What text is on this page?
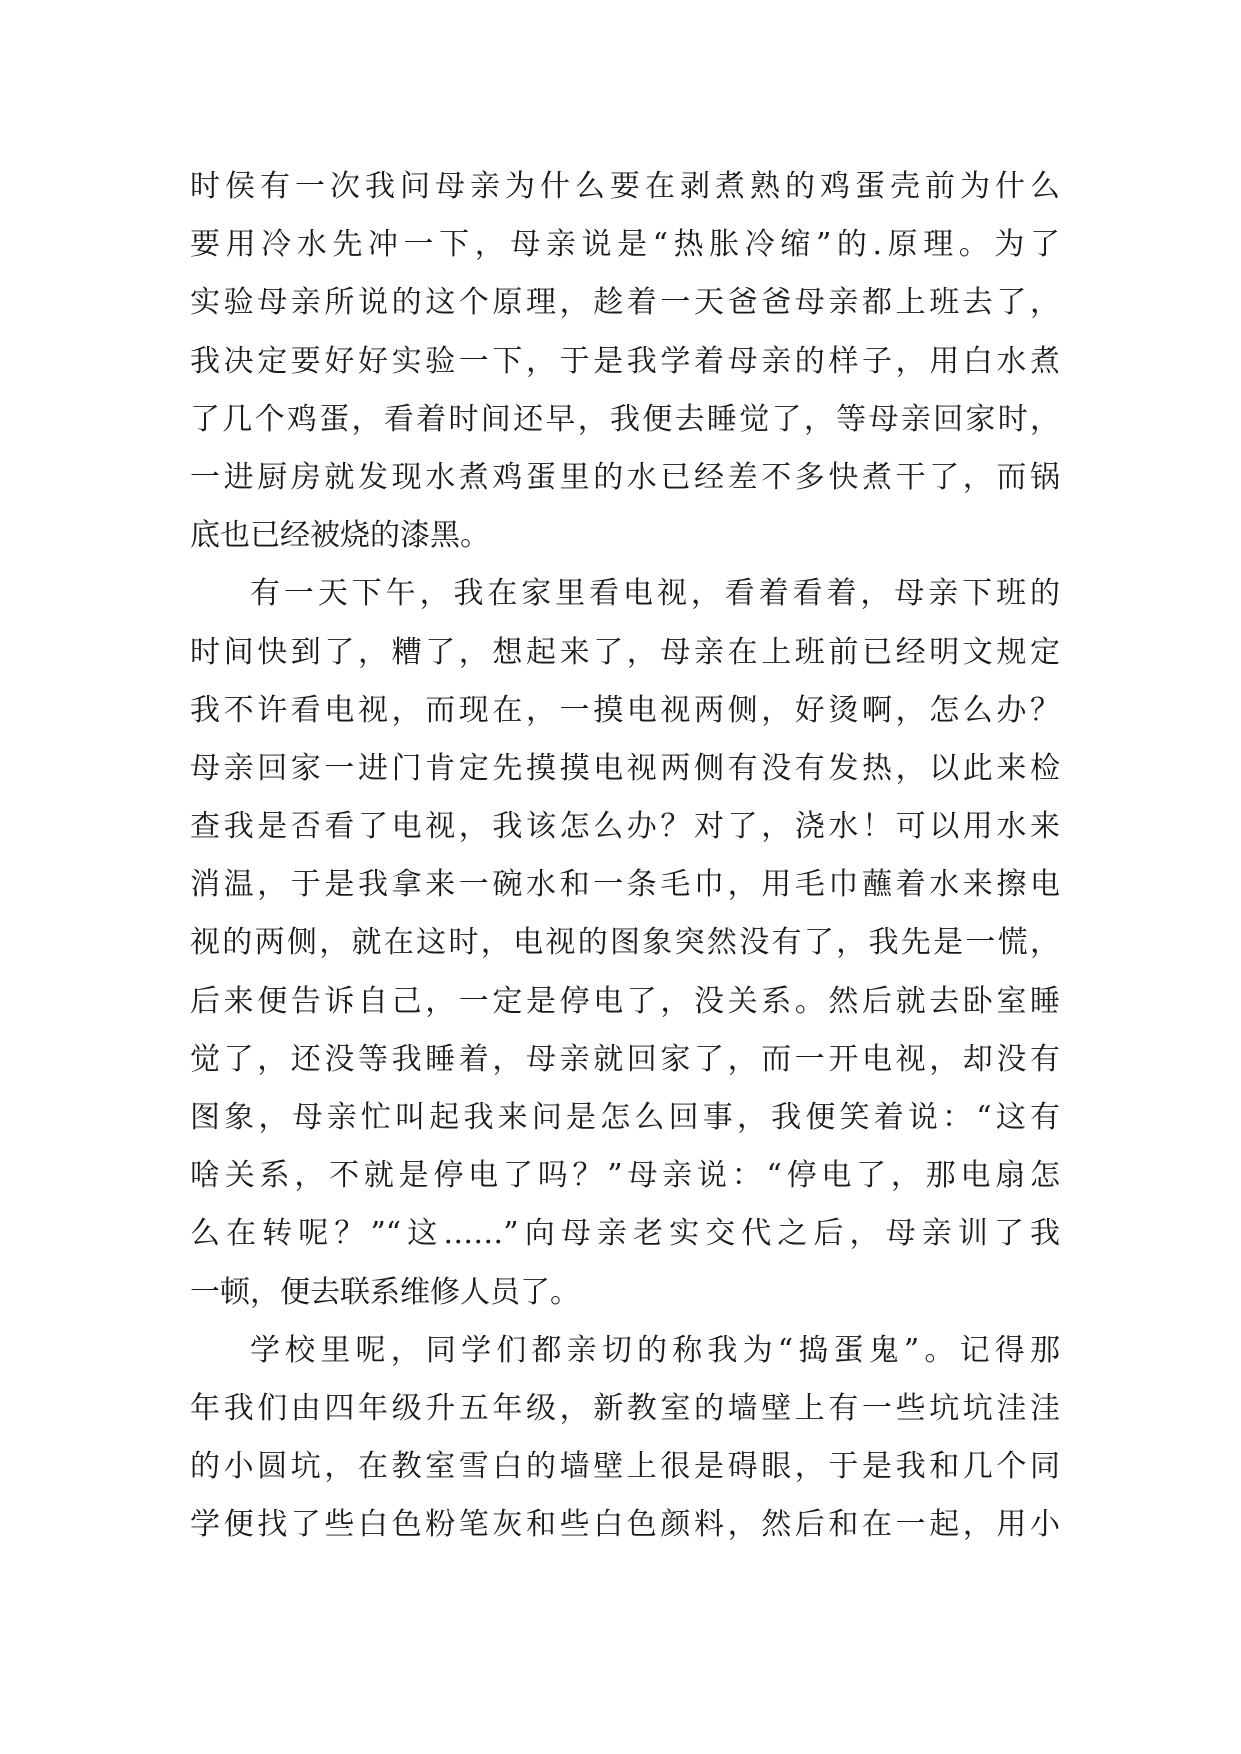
时侯有一次我问母亲为什么要在剥煮熟的鸡蛋壳前为什么
要用冷水先冲一下，母亲说是“热胀冷缩”的.原理。为了
实验母亲所说的这个原理，趁着一天爸爸母亲都上班去了，
我决定要好好实验一下，于是我学着母亲的样子，用白水煮
了几个鸡蛋，看着时间还早，我便去睡觉了，等母亲回家时，
一进厨房就发现水煮鸡蛋里的水已经差不多快煮干了，而锅
底也已经被烧的漆黑。
有一天下午，我在家里看电视，看着看着，母亲下班的
时间快到了，糟了，想起来了，母亲在上班前已经明文规定
我不许看电视，而现在，一摸电视两侧，好烫啊，怎么办？
母亲回家一进门肯定先摸摸电视两侧有没有发热，以此来检
查我是否看了电视，我该怎么办？对了，浇水！可以用水来
消温，于是我拿来一碗水和一条毛巾，用毛巾蘸着水来擦电
视的两侧，就在这时，电视的图象突然没有了，我先是一慌，
后来便告诉自己，一定是停电了，没关系。然后就去卧室睡
觉了，还没等我睡着，母亲就回家了，而一开电视，却没有
图象，母亲忙叫起我来问是怎么回事，我便笑着说：“这有
啥关系，不就是停电了吗？”母亲说：“停电了，那电扇怎
么在转呢？”“这……”向母亲老实交代之后，母亲训了我
一顿，便去联系维修人员了。
学校里呢，同学们都亲切的称我为“捣蛋鬼”。记得那
年我们由四年级升五年级，新教室的墙壁上有一些坑坑洼洼
的小圆坑，在教室雪白的墙壁上很是碍眼，于是我和几个同
学便找了些白色粉笔灰和些白色颜料，然后和在一起，用小
